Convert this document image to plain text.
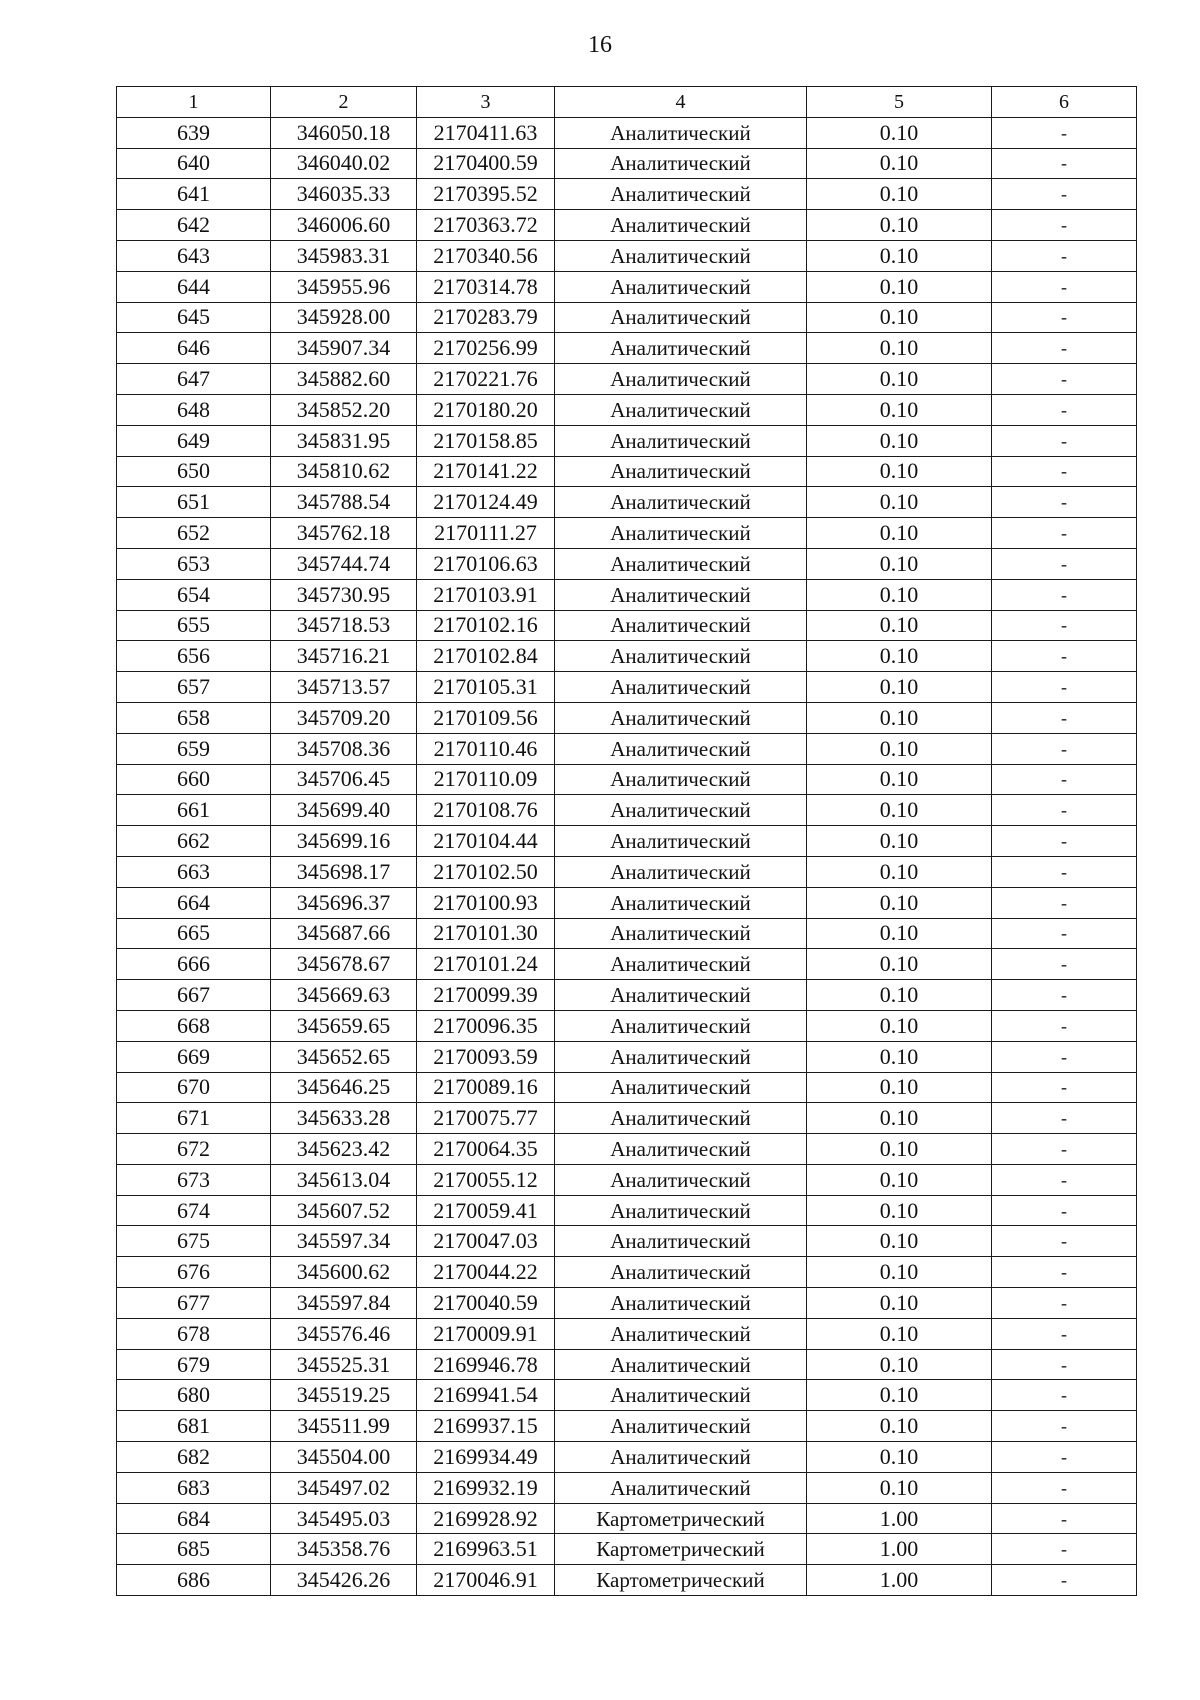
16
1	2	3	4	5	6
639	346050.18	2170411.63	Аналитический	0.10	-
640	346040.02	2170400.59	Аналитический	0.10	-
641	346035.33	2170395.52	Аналитический	0.10	-
642	346006.60	2170363.72	Аналитический	0.10	-
643	345983.31	2170340.56	Аналитический	0.10	-
644	345955.96	2170314.78	Аналитический	0.10	-
645	345928.00	2170283.79	Аналитический	0.10	-
646	345907.34	2170256.99	Аналитический	0.10	-
647	345882.60	2170221.76	Аналитический	0.10	-
648	345852.20	2170180.20	Аналитический	0.10	-
649	345831.95	2170158.85	Аналитический	0.10	-
650	345810.62	2170141.22	Аналитический	0.10	-
651	345788.54	2170124.49	Аналитический	0.10	-
652	345762.18	2170111.27	Аналитический	0.10	-
653	345744.74	2170106.63	Аналитический	0.10	-
654	345730.95	2170103.91	Аналитический	0.10	-
655	345718.53	2170102.16	Аналитический	0.10	-
656	345716.21	2170102.84	Аналитический	0.10	-
657	345713.57	2170105.31	Аналитический	0.10	-
658	345709.20	2170109.56	Аналитический	0.10	-
659	345708.36	2170110.46	Аналитический	0.10	-
660	345706.45	2170110.09	Аналитический	0.10	-
661	345699.40	2170108.76	Аналитический	0.10	-
662	345699.16	2170104.44	Аналитический	0.10	-
663	345698.17	2170102.50	Аналитический	0.10	-
664	345696.37	2170100.93	Аналитический	0.10	-
665	345687.66	2170101.30	Аналитический	0.10	-
666	345678.67	2170101.24	Аналитический	0.10	-
667	345669.63	2170099.39	Аналитический	0.10	-
668	345659.65	2170096.35	Аналитический	0.10	-
669	345652.65	2170093.59	Аналитический	0.10	-
670	345646.25	2170089.16	Аналитический	0.10	-
671	345633.28	2170075.77	Аналитический	0.10	-
672	345623.42	2170064.35	Аналитический	0.10	-
673	345613.04	2170055.12	Аналитический	0.10	-
674	345607.52	2170059.41	Аналитический	0.10	-
675	345597.34	2170047.03	Аналитический	0.10	-
676	345600.62	2170044.22	Аналитический	0.10	-
677	345597.84	2170040.59	Аналитический	0.10	-
678	345576.46	2170009.91	Аналитический	0.10	-
679	345525.31	2169946.78	Аналитический	0.10	-
680	345519.25	2169941.54	Аналитический	0.10	-
681	345511.99	2169937.15	Аналитический	0.10	-
682	345504.00	2169934.49	Аналитический	0.10	-
683	345497.02	2169932.19	Аналитический	0.10	-
684	345495.03	2169928.92	Картометрический	1.00	-
685	345358.76	2169963.51	Картометрический	1.00	-
686	345426.26	2170046.91	Картометрический	1.00	-
